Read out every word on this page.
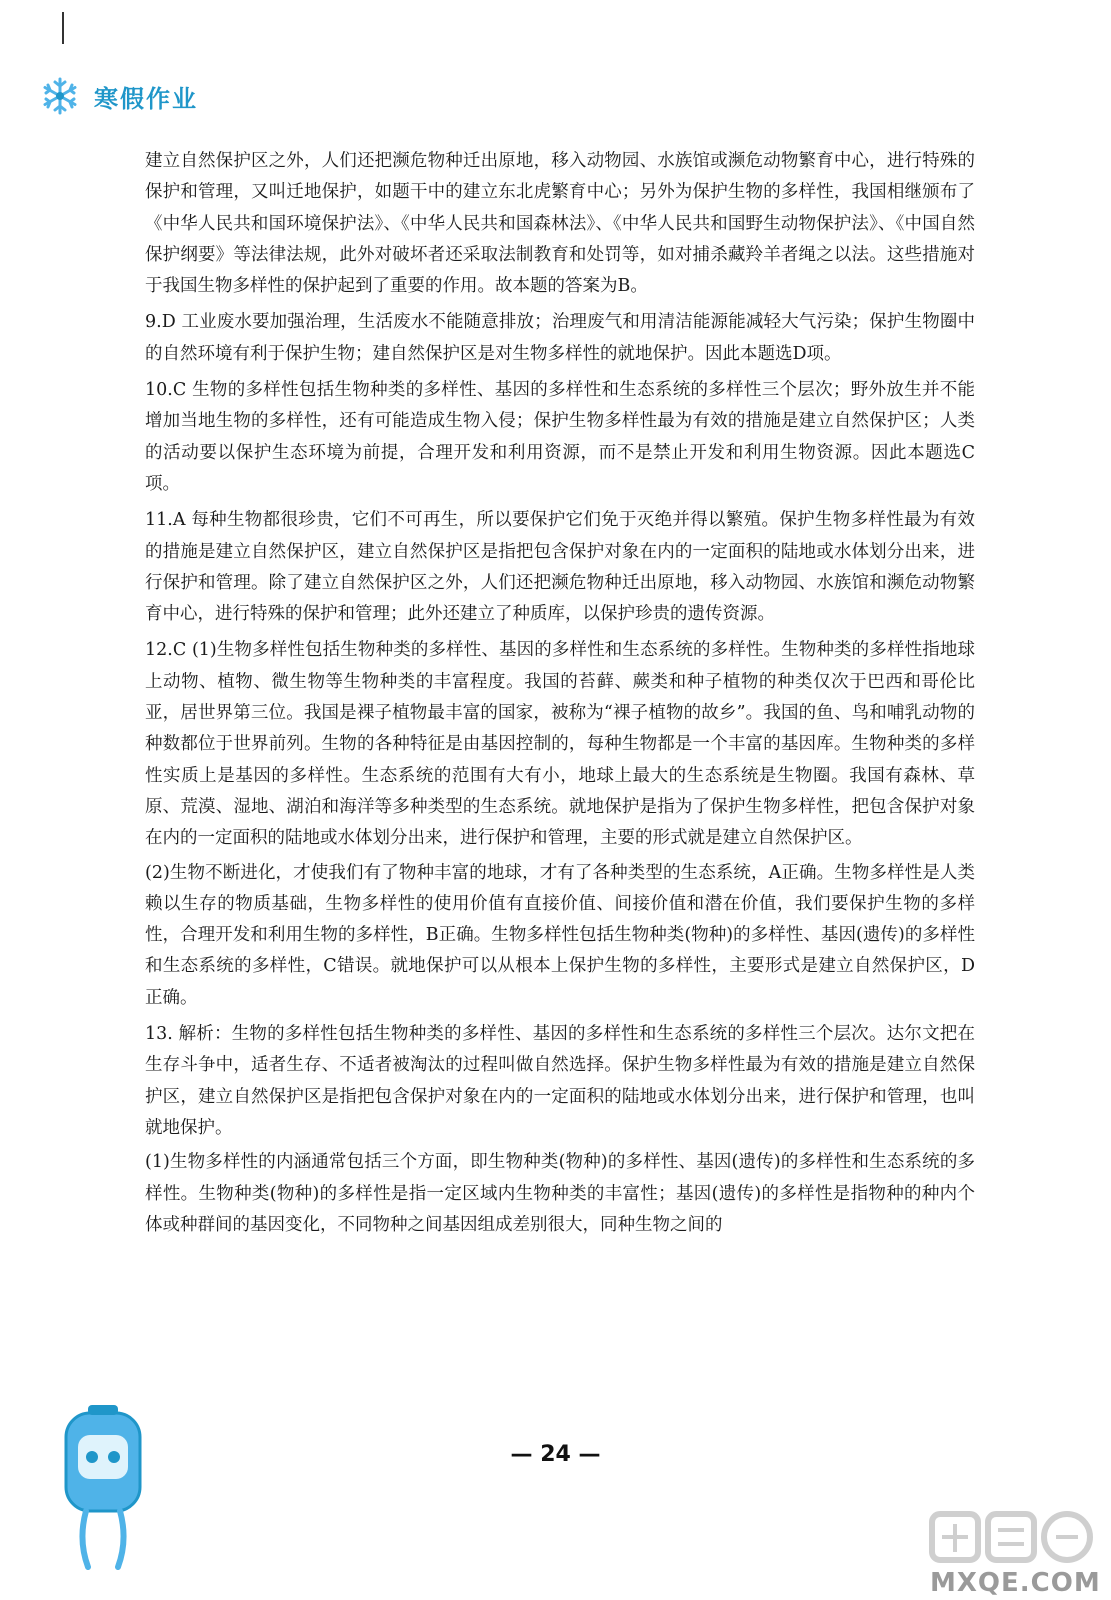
寒假作业

建立自然保护区之外，人们还把濒危物种迁出原地，移入动物园、水族馆或濒危动物繁育中心，进行特殊的保护和管理，又叫迁地保护，如题干中的建立东北虎繁育中心；另外为保护生物的多样性，我国相继颁布了《中华人民共和国环境保护法》、《中华人民共和国森林法》、《中华人民共和国野生动物保护法》、《中国自然保护纲要》等法律法规，此外对破坏者还采取法制教育和处罚等，如对捕杀藏羚羊者绳之以法。这些措施对于我国生物多样性的保护起到了重要的作用。故本题的答案为B。

9.D 工业废水要加强治理，生活废水不能随意排放；治理废气和用清洁能源能减轻大气污染；保护生物圈中的自然环境有利于保护生物；建自然保护区是对生物多样性的就地保护。因此本题选D项。

10.C 生物的多样性包括生物种类的多样性、基因的多样性和生态系统的多样性三个层次；野外放生并不能增加当地生物的多样性，还有可能造成生物入侵；保护生物多样性最为有效的措施是建立自然保护区；人类的活动要以保护生态环境为前提，合理开发和利用资源，而不是禁止开发和利用生物资源。因此本题选C项。

11.A 每种生物都很珍贵，它们不可再生，所以要保护它们免于灭绝并得以繁殖。保护生物多样性最为有效的措施是建立自然保护区，建立自然保护区是指把包含保护对象在内的一定面积的陆地或水体划分出来，进行保护和管理。除了建立自然保护区之外，人们还把濒危物种迁出原地，移入动物园、水族馆和濒危动物繁育中心，进行特殊的保护和管理；此外还建立了种质库，以保护珍贵的遗传资源。

12.C (1)生物多样性包括生物种类的多样性、基因的多样性和生态系统的多样性。生物种类的多样性指地球上动物、植物、微生物等生物种类的丰富程度。我国的苔藓、蕨类和种子植物的种类仅次于巴西和哥伦比亚，居世界第三位。我国是裸子植物最丰富的国家，被称为“裸子植物的故乡”。我国的鱼、鸟和哺乳动物的种数都位于世界前列。生物的各种特征是由基因控制的，每种生物都是一个丰富的基因库。生物种类的多样性实质上是基因的多样性。生态系统的范围有大有小，地球上最大的生态系统是生物圈。我国有森林、草原、荒漠、湿地、湖泊和海洋等多种类型的生态系统。就地保护是指为了保护生物多样性，把包含保护对象在内的一定面积的陆地或水体划分出来，进行保护和管理，主要的形式就是建立自然保护区。

(2)生物不断进化，才使我们有了物种丰富的地球，才有了各种类型的生态系统，A正确。生物多样性是人类赖以生存的物质基础，生物多样性的使用价值有直接价值、间接价值和潜在价值，我们要保护生物的多样性，合理开发和利用生物的多样性，B正确。生物多样性包括生物种类(物种)的多样性、基因(遗传)的多样性和生态系统的多样性，C错误。就地保护可以从根本上保护生物的多样性，主要形式是建立自然保护区，D正确。

13. 解析：生物的多样性包括生物种类的多样性、基因的多样性和生态系统的多样性三个层次。达尔文把在生存斗争中，适者生存、不适者被淘汰的过程叫做自然选择。保护生物多样性最为有效的措施是建立自然保护区，建立自然保护区是指把包含保护对象在内的一定面积的陆地或水体划分出来，进行保护和管理，也叫就地保护。

(1)生物多样性的内涵通常包括三个方面，即生物种类(物种)的多样性、基因(遗传)的多样性和生态系统的多样性。生物种类(物种)的多样性是指一定区域内生物种类的丰富性；基因(遗传)的多样性是指物种的种内个体或种群间的基因变化，不同物种之间基因组成差别很大，同种生物之间的

— 24 —
MXQE.COM
